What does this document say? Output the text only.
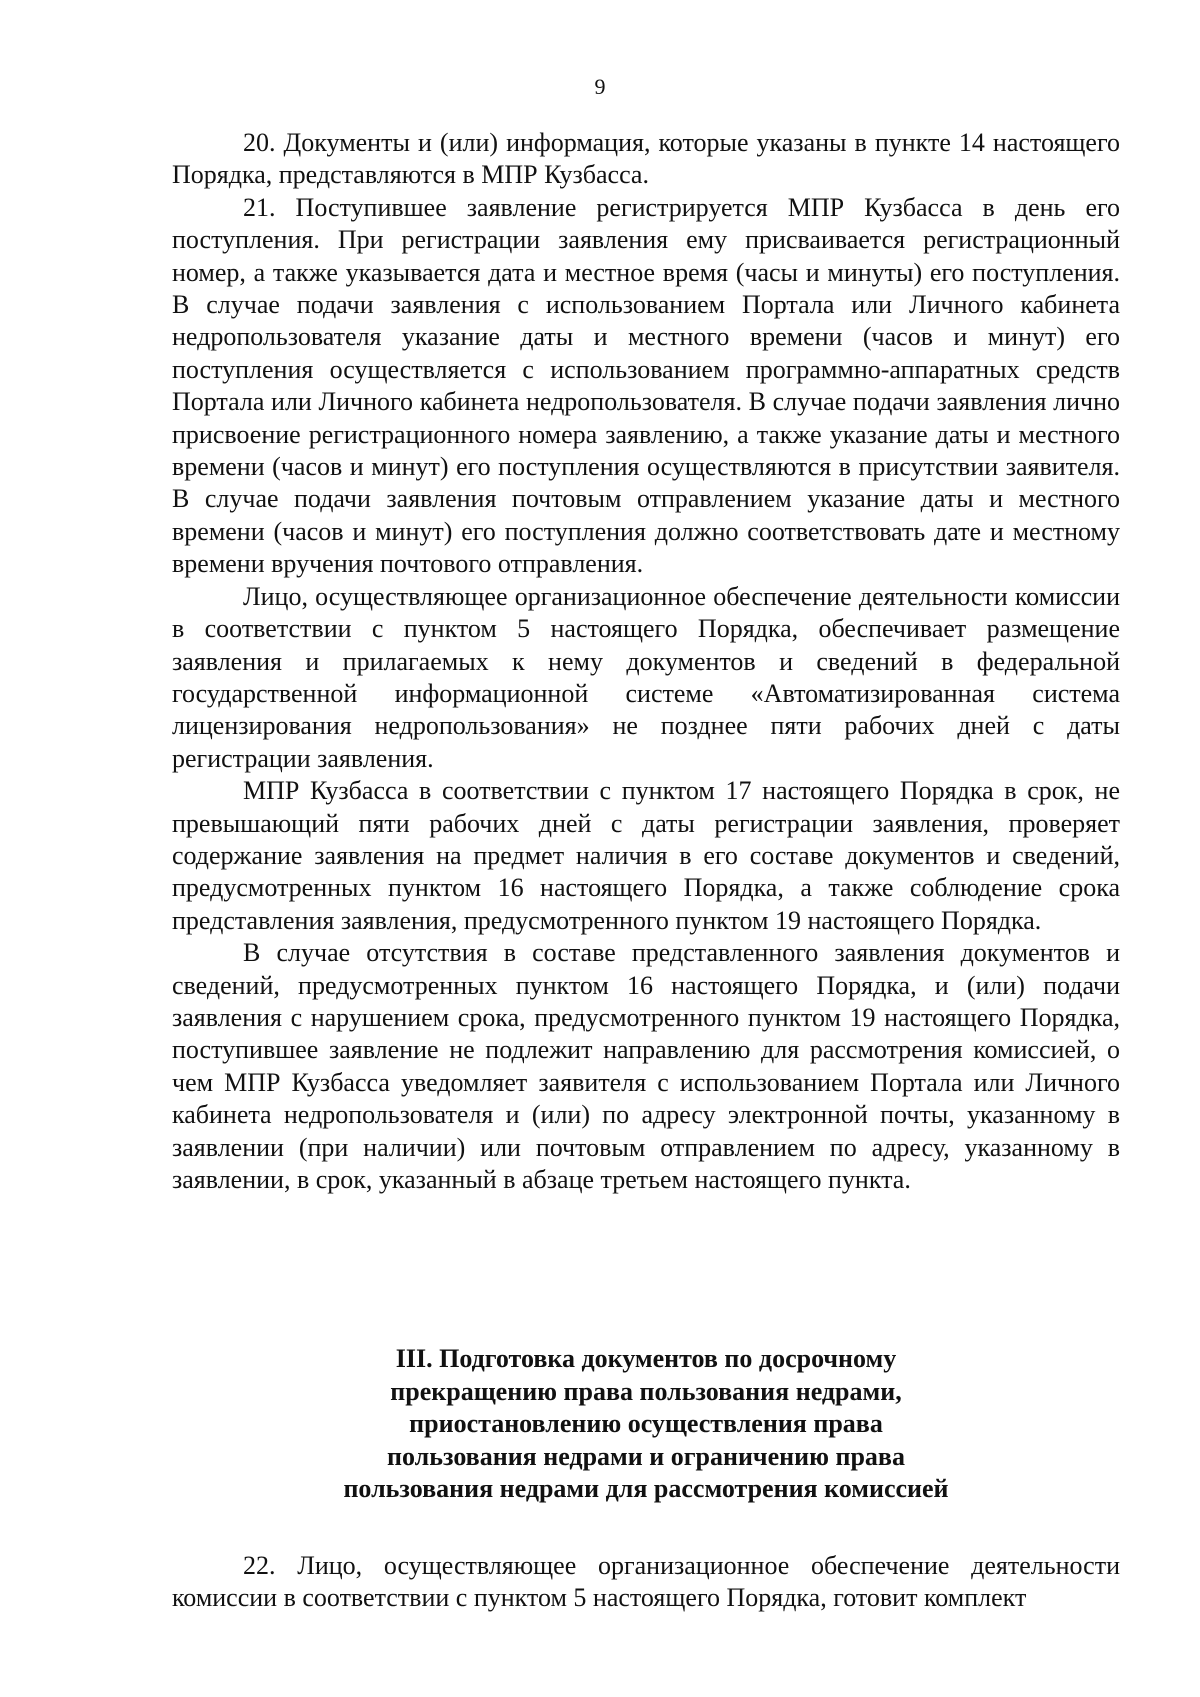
9

20. Документы и (или) информация, которые указаны в пункте 14 настоящего Порядка, представляются в МПР Кузбасса.

21. Поступившее заявление регистрируется МПР Кузбасса в день его поступления. При регистрации заявления ему присваивается регистрационный номер, а также указывается дата и местное время (часы и минуты) его поступления. В случае подачи заявления с использованием Портала или Личного кабинета недропользователя указание даты и местного времени (часов и минут) его поступления осуществляется с использованием программно-аппаратных средств Портала или Личного кабинета недропользователя. В случае подачи заявления лично присвоение регистрационного номера заявлению, а также указание даты и местного времени (часов и минут) его поступления осуществляются в присутствии заявителя. В случае подачи заявления почтовым отправлением указание даты и местного времени (часов и минут) его поступления должно соответствовать дате и местному времени вручения почтового отправления.

Лицо, осуществляющее организационное обеспечение деятельности комиссии в соответствии с пунктом 5 настоящего Порядка, обеспечивает размещение заявления и прилагаемых к нему документов и сведений в федеральной государственной информационной системе «Автоматизированная система лицензирования недропользования» не позднее пяти рабочих дней с даты регистрации заявления.

МПР Кузбасса в соответствии с пунктом 17 настоящего Порядка в срок, не превышающий пяти рабочих дней с даты регистрации заявления, проверяет содержание заявления на предмет наличия в его составе документов и сведений, предусмотренных пунктом 16 настоящего Порядка, а также соблюдение срока представления заявления, предусмотренного пунктом 19 настоящего Порядка.

В случае отсутствия в составе представленного заявления документов и сведений, предусмотренных пунктом 16 настоящего Порядка, и (или) подачи заявления с нарушением срока, предусмотренного пунктом 19 настоящего Порядка, поступившее заявление не подлежит направлению для рассмотрения комиссией, о чем МПР Кузбасса уведомляет заявителя с использованием Портала или Личного кабинета недропользователя и (или) по адресу электронной почты, указанному в заявлении (при наличии) или почтовым отправлением по адресу, указанному в заявлении, в срок, указанный в абзаце третьем настоящего пункта.

III. Подготовка документов по досрочному
прекращению права пользования недрами,
приостановлению осуществления права
пользования недрами и ограничению права
пользования недрами для рассмотрения комиссией

22. Лицо, осуществляющее организационное обеспечение деятельности комиссии в соответствии с пунктом 5 настоящего Порядка, готовит комплект
